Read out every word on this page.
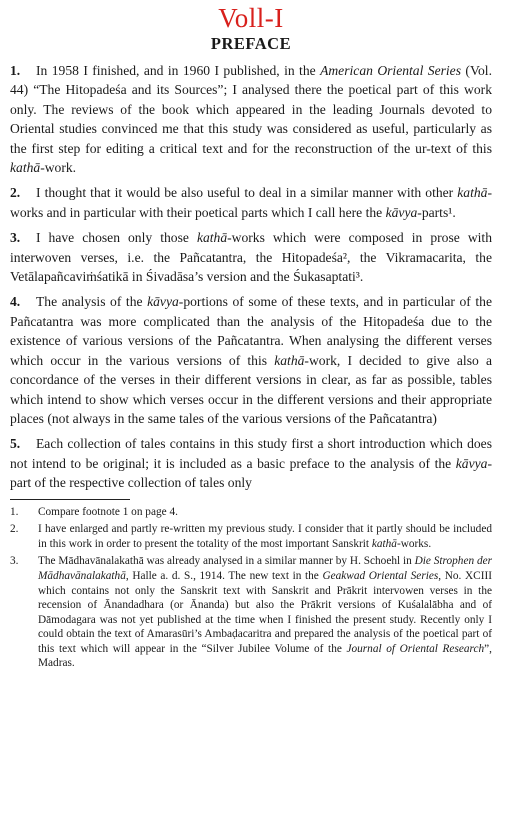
Voll-I
PREFACE

1. In 1958 I finished, and in 1960 I published, in the American Oriental Series (Vol. 44) “The Hitopadeśa and its Sources”; I analysed there the poetical part of this work only. The reviews of the book which appeared in the leading Journals devoted to Oriental studies convinced me that this study was considered as useful, particularly as the first step for editing a critical text and for the reconstruction of the ur-text of this kathā-work.

2. I thought that it would be also useful to deal in a similar manner with other kathā-works and in particular with their poetical parts which I call here the kāvya-parts¹.

3. I have chosen only those kathā-works which were composed in prose with interwoven verses, i.e. the Pañcatantra, the Hitopadeśa², the Vikramacarita, the Vetālapañcaviṁśatikā in Śivadāsa’s version and the Śukasaptati³.

4. The analysis of the kāvya-portions of some of these texts, and in particular of the Pañcatantra was more complicated than the analysis of the Hitopadeśa due to the existence of various versions of the Pañcatantra. When analysing the different verses which occur in the various versions of this kathā-work, I decided to give also a concordance of the verses in their different versions in clear, as far as possible, tables which intend to show which verses occur in the different versions and their appropriate places (not always in the same tales of the various versions of the Pañcatantra)

5. Each collection of tales contains in this study first a short introduction which does not intend to be original; it is included as a basic preface to the analysis of the kāvya-part of the respective collection of tales only

1.	Compare footnote 1 on page 4.
2.	I have enlarged and partly re-written my previous study. I consider that it partly should be included in this work in order to present the totality of the most important Sanskrit kathā-works.
3.	The Mādhavānalakathā was already analysed in a similar manner by H. Schoehl in Die Strophen der Mādhavānalakathā, Halle a. d. S., 1914. The new text in the Geakwad Oriental Series, No. XCIII which contains not only the Sanskrit text with Sanskrit and Prākrit intervowen verses in the recension of Ānandadhara (or Ānanda) but also the Prākrit versions of Kuśalalābha and of Dāmodagara was not yet published at the time when I finished the present study. Recently only I could obtain the text of Amarasūri’s Ambaḍacaritra and prepared the analysis of the poetical part of this text which will appear in the “Silver Jubilee Volume of the Journal of Oriental Research”, Madras.
